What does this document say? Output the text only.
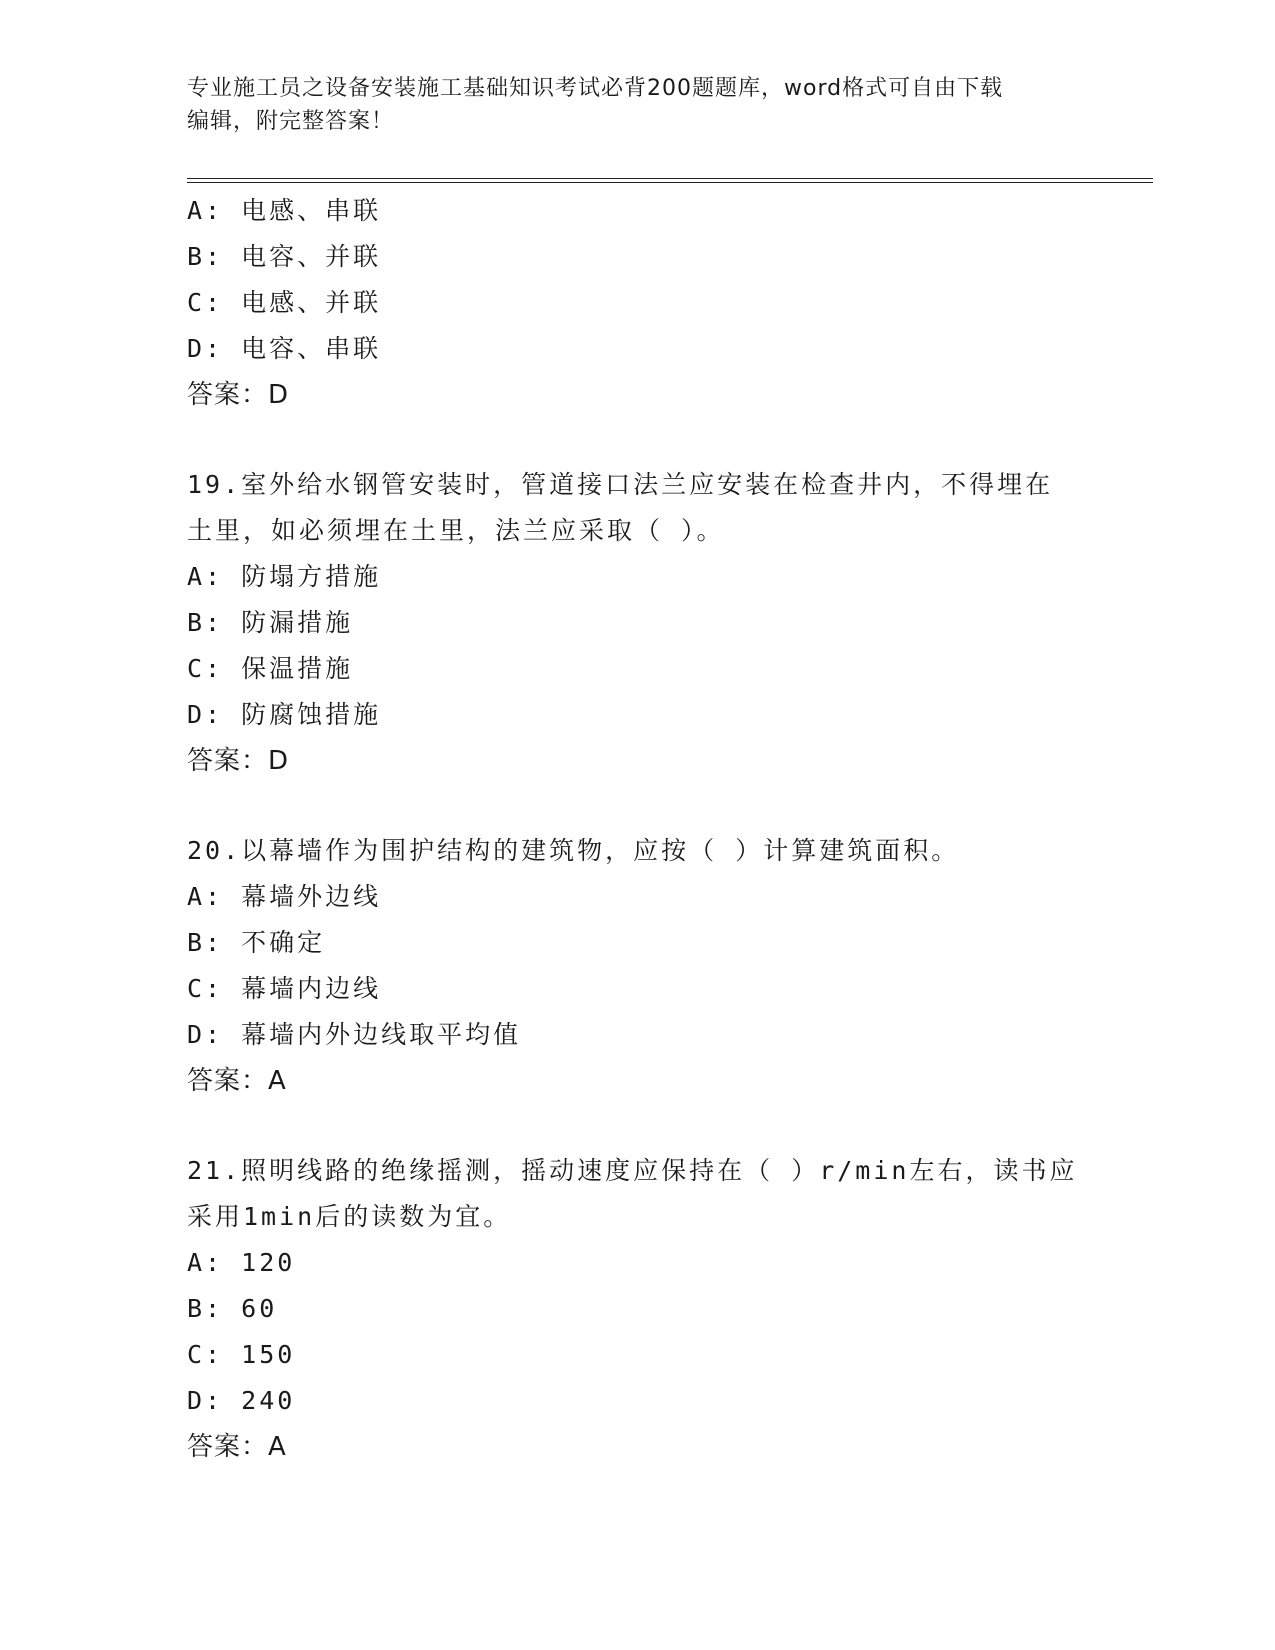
专业施工员之设备安装施工基础知识考试必背200题题库，word格式可自由下载
编辑，附完整答案！
A: 电感、串联
B: 电容、并联
C: 电感、并联
D: 电容、串联
答案：D
19.室外给水钢管安装时，管道接口法兰应安装在检查井内，不得埋在
土里，如必须埋在土里，法兰应采取（ ）。
A: 防塌方措施
B: 防漏措施
C: 保温措施
D: 防腐蚀措施
答案：D
20.以幕墙作为围护结构的建筑物，应按（ ）计算建筑面积。
A: 幕墙外边线
B: 不确定
C: 幕墙内边线
D: 幕墙内外边线取平均值
答案：A
21.照明线路的绝缘摇测，摇动速度应保持在（ ）r/min左右，读书应
采用1min后的读数为宜。
A: 120
B: 60
C: 150
D: 240
答案：A
